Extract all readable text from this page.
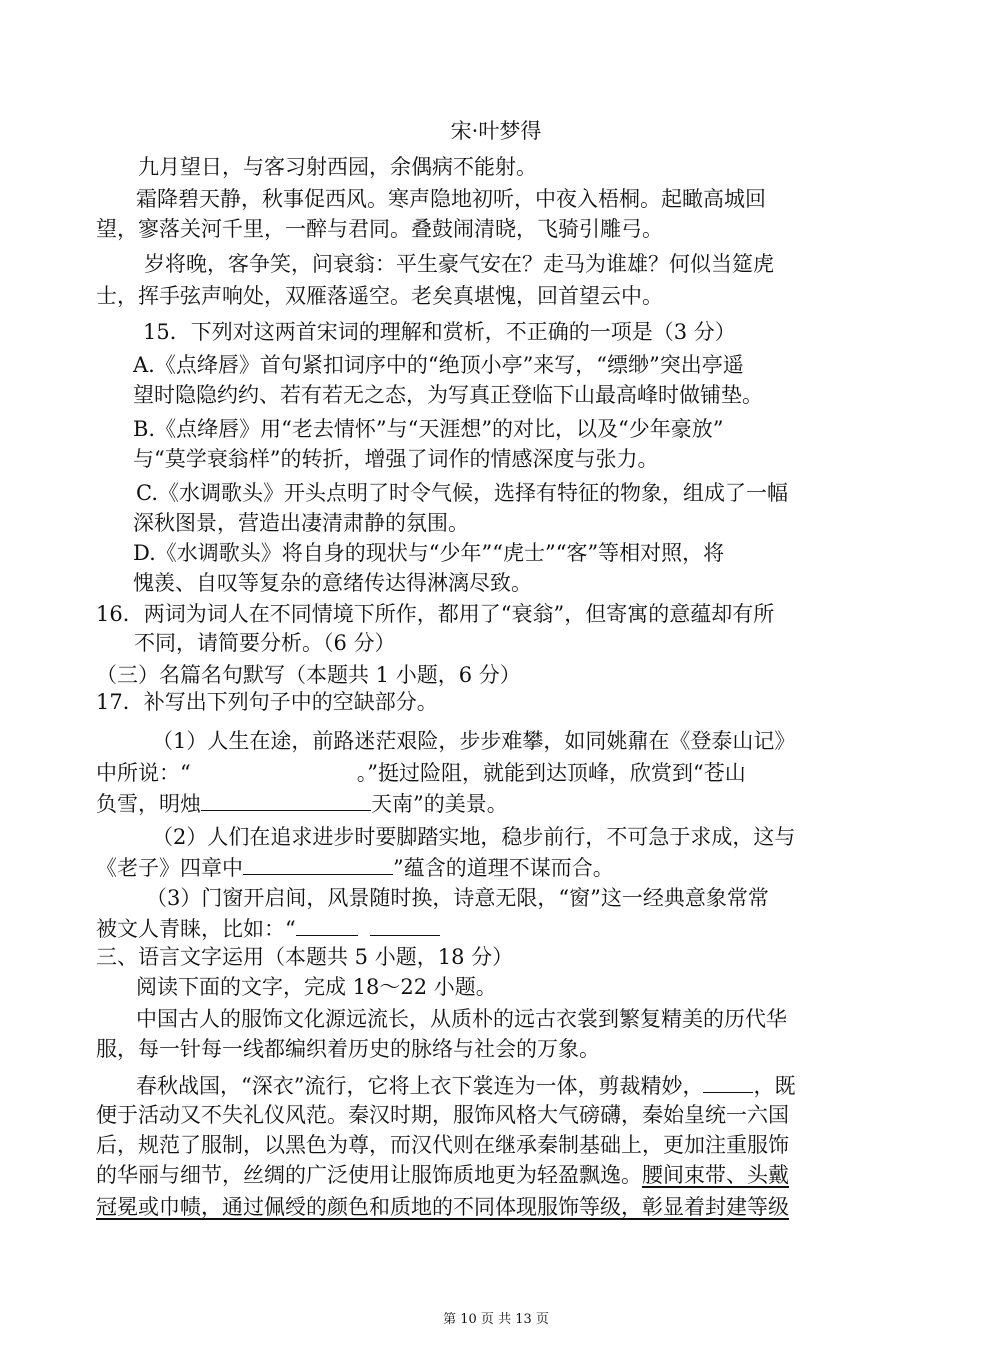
宋·叶梦得
九月望日，与客习射西园，余偶病不能射。
霜降碧天静，秋事促西风。寒声隐地初听，中夜入梧桐。起瞰高城回
望，寥落关河千里，一醉与君同。叠鼓闹清晓，飞骑引雕弓。
岁将晚，客争笑，问衰翁：平生豪气安在？走马为谁雄？何似当筵虎
士，挥手弦声响处，双雁落遥空。老矣真堪愧，回首望云中。
15．下列对这两首宋词的理解和赏析，不正确的一项是（3 分）
A.《点绛唇》首句紧扣词序中的“绝顶小亭”来写，“缥缈”突出亭遥
望时隐隐约约、若有若无之态，为写真正登临下山最高峰时做铺垫。
B.《点绛唇》用“老去情怀”与“天涯想”的对比，以及“少年豪放”
与“莫学衰翁样”的转折，增强了词作的情感深度与张力。
C.《水调歌头》开头点明了时令气候，选择有特征的物象，组成了一幅
深秋图景，营造出凄清肃静的氛围。
D.《水调歌头》将自身的现状与“少年”“虎士”“客”等相对照，将
愧羡、自叹等复杂的意绪传达得淋漓尽致。
16．两词为词人在不同情境下所作，都用了“衰翁”，但寄寓的意蕴却有所
不同，请简要分析。（6 分）
（三）名篇名句默写（本题共 1 小题，6 分）
17．补写出下列句子中的空缺部分。
（1）人生在途，前路迷茫艰险，步步难攀，如同姚鼐在《登泰山记》
中所说：“	。”挺过险阻，就能到达顶峰，欣赏到“苍山
负雪，明烛	天南”的美景。
（2）人们在追求进步时要脚踏实地，稳步前行，不可急于求成，这与
《老子》四章中	”蕴含的道理不谋而合。
（3）门窗开启间，风景随时换，诗意无限，“窗”这一经典意象常常
被文人青睐，比如：“
三、语言文字运用（本题共 5 小题，18 分）
阅读下面的文字，完成 18～22 小题。
中国古人的服饰文化源远流长，从质朴的远古衣裳到繁复精美的历代华
服，每一针每一线都编织着历史的脉络与社会的万象。
春秋战国，“深衣”流行，它将上衣下裳连为一体，剪裁精妙， ，既
便于活动又不失礼仪风范。秦汉时期，服饰风格大气磅礴，秦始皇统一六国
后，规范了服制，以黑色为尊，而汉代则在继承秦制基础上，更加注重服饰
的华丽与细节，丝绸的广泛使用让服饰质地更为轻盈飘逸。腰间束带、头戴
冠冕或巾帻，通过佩绶的颜色和质地的不同体现服饰等级，彰显着封建等级
第 10 页 共 13 页
